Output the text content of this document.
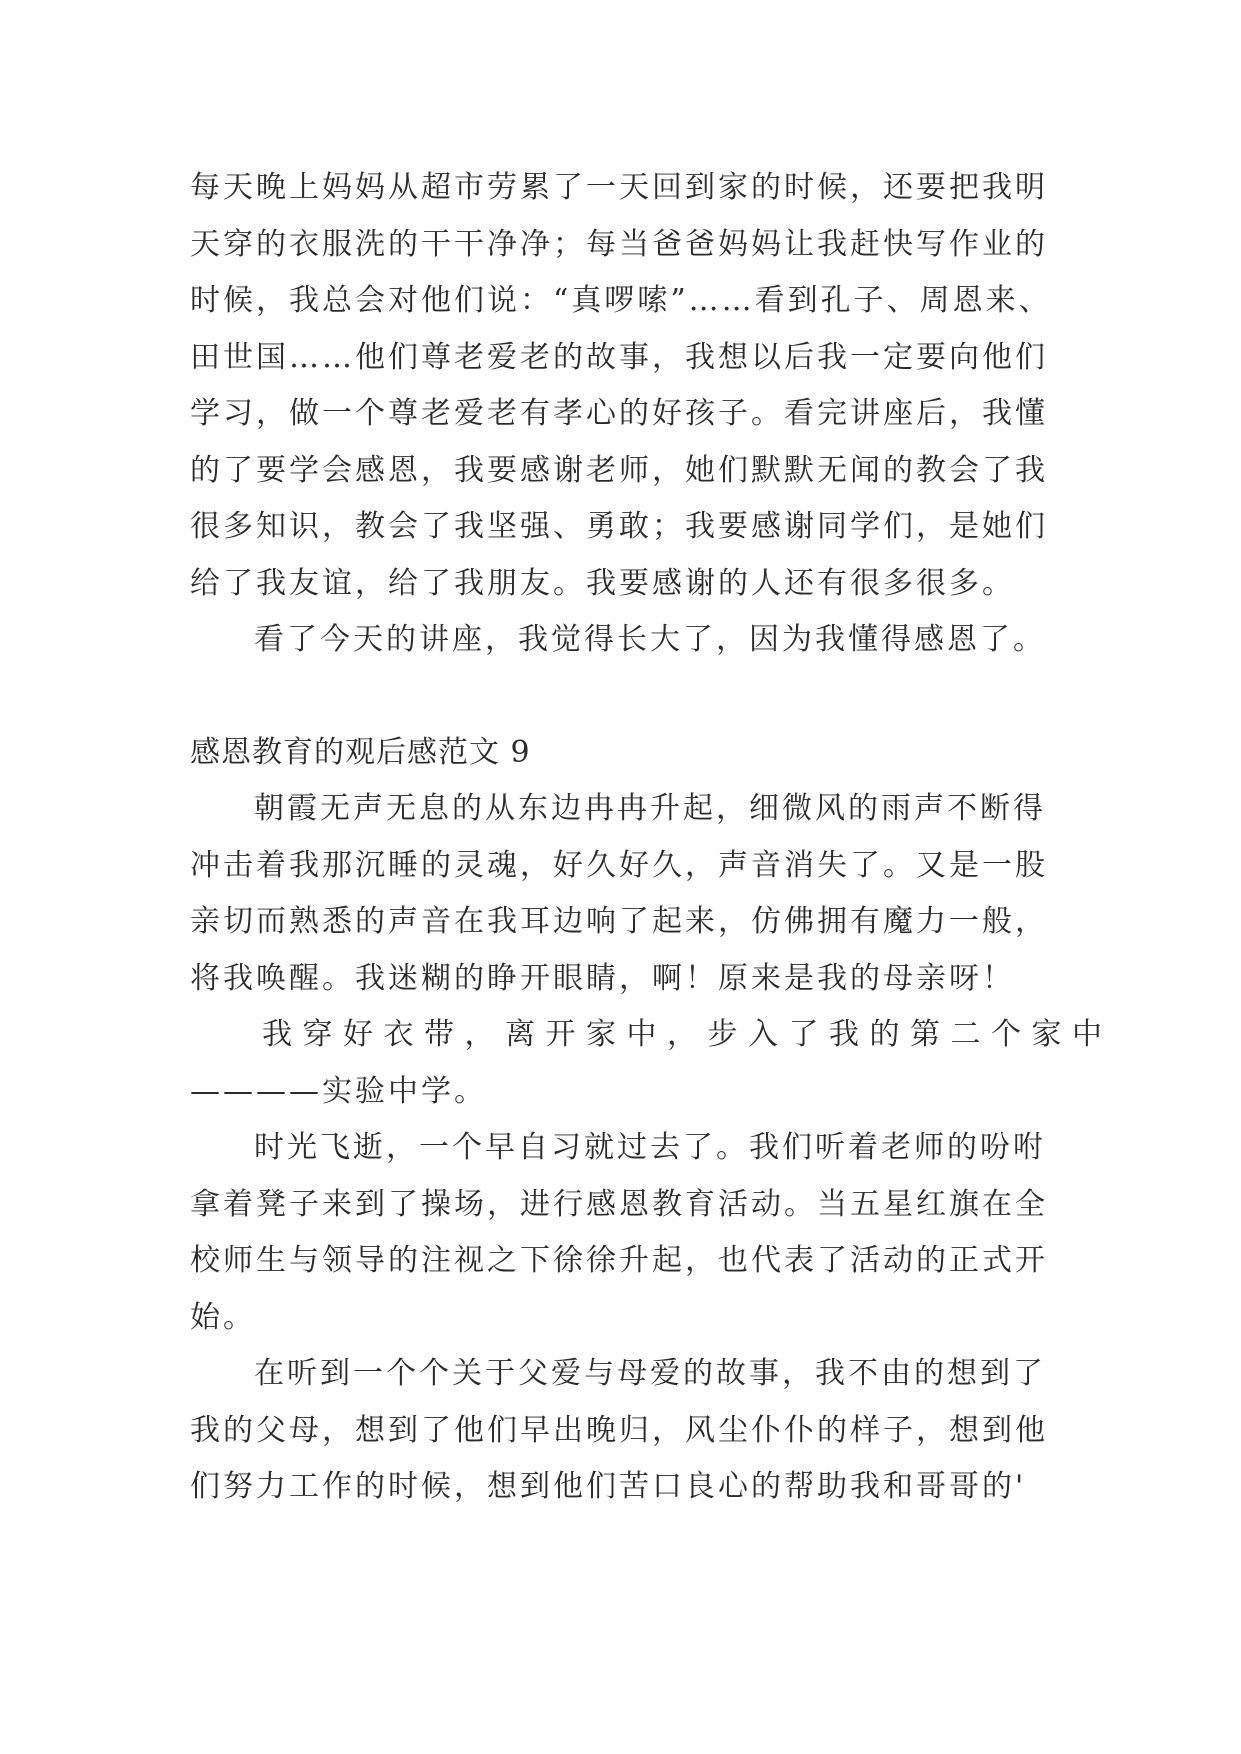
每天晚上妈妈从超市劳累了一天回到家的时候，还要把我明
天穿的衣服洗的干干净净；每当爸爸妈妈让我赶快写作业的
时候，我总会对他们说：“真啰嗦”……看到孔子、周恩来、
田世国……他们尊老爱老的故事，我想以后我一定要向他们
学习，做一个尊老爱老有孝心的好孩子。看完讲座后，我懂
的了要学会感恩，我要感谢老师，她们默默无闻的教会了我
很多知识，教会了我坚强、勇敢；我要感谢同学们，是她们
给了我友谊，给了我朋友。我要感谢的人还有很多很多。
看了今天的讲座，我觉得长大了，因为我懂得感恩了。
感恩教育的观后感范文 9
朝霞无声无息的从东边冉冉升起，细微风的雨声不断得
冲击着我那沉睡的灵魂，好久好久，声音消失了。又是一股
亲切而熟悉的声音在我耳边响了起来，仿佛拥有魔力一般，
将我唤醒。我迷糊的睁开眼睛，啊！原来是我的母亲呀！
我穿好衣带，离开家中，步入了我的第二个家中
————实验中学。
时光飞逝，一个早自习就过去了。我们听着老师的吩咐
拿着凳子来到了操场，进行感恩教育活动。当五星红旗在全
校师生与领导的注视之下徐徐升起，也代表了活动的正式开
始。
在听到一个个关于父爱与母爱的故事，我不由的想到了
我的父母，想到了他们早出晚归，风尘仆仆的样子，想到他
们努力工作的时候，想到他们苦口良心的帮助我和哥哥的'
